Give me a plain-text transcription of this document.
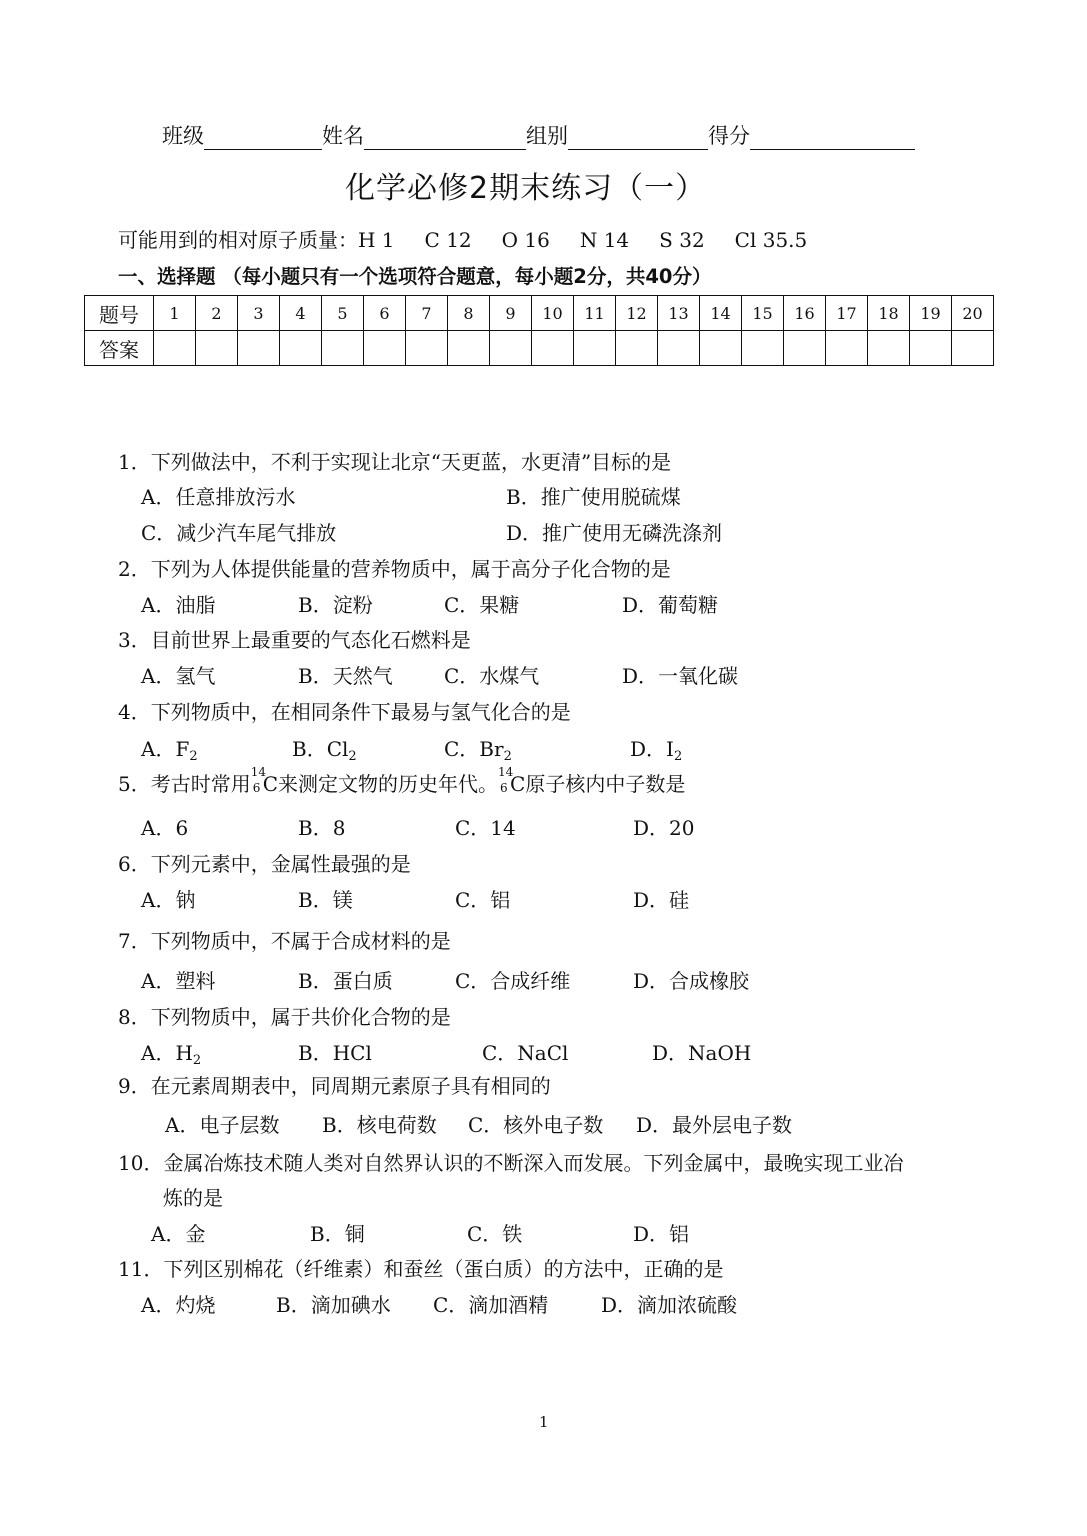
班级	姓名	组别	得分
化学必修2期末练习（一）
可能用到的相对原子质量：H 1 C 12 O 16 N 14 S 32 Cl 35.5
一、选择题 （每小题只有一个选项符合题意，每小题2分，共40分）
题号	1	2	3	4	5	6	7	8	9	10	11	12	13	14	15	16	17	18	19	20
答案																				
1．下列做法中，不利于实现让北京“天更蓝，水更清”目标的是
A．任意排放污水	B．推广使用脱硫煤
C．减少汽车尾气排放	D．推广使用无磷洗涤剂
2．下列为人体提供能量的营养物质中，属于高分子化合物的是
A．油脂	B．淀粉	C．果糖	D．葡萄糖
3．目前世界上最重要的气态化石燃料是
A．氢气	B．天然气	C．水煤气	D．一氧化碳
4．下列物质中，在相同条件下最易与氢气化合的是
A．$F_2$	B．$Cl_2$	C．$Br_2$	D．$I_2$
5．考古时常用 14
6 C来测定文物的历史年代。 14
6 C原子核内中子数是
A．6	B．8	C．14	D．20
6．下列元素中，金属性最强的是
A．钠	B．镁	C．铝	D．硅
7．下列物质中，不属于合成材料的是
A．塑料	B．蛋白质	C．合成纤维	D．合成橡胶
8．下列物质中，属于共价化合物的是
A．$H_2$	B．HCl	C．NaCl	D．NaOH
9．在元素周期表中，同周期元素原子具有相同的
A．电子层数 B．核电荷数 C．核外电子数 D．最外层电子数
10．金属冶炼技术随人类对自然界认识的不断深入而发展。下列金属中，最晚实现工业冶
炼的是
A．金	B．铜	C．铁	D．铝
11．下列区别棉花（纤维素）和蚕丝（蛋白质）的方法中，正确的是
A．灼烧	B．滴加碘水 C．滴加酒精	D．滴加浓硫酸
1
